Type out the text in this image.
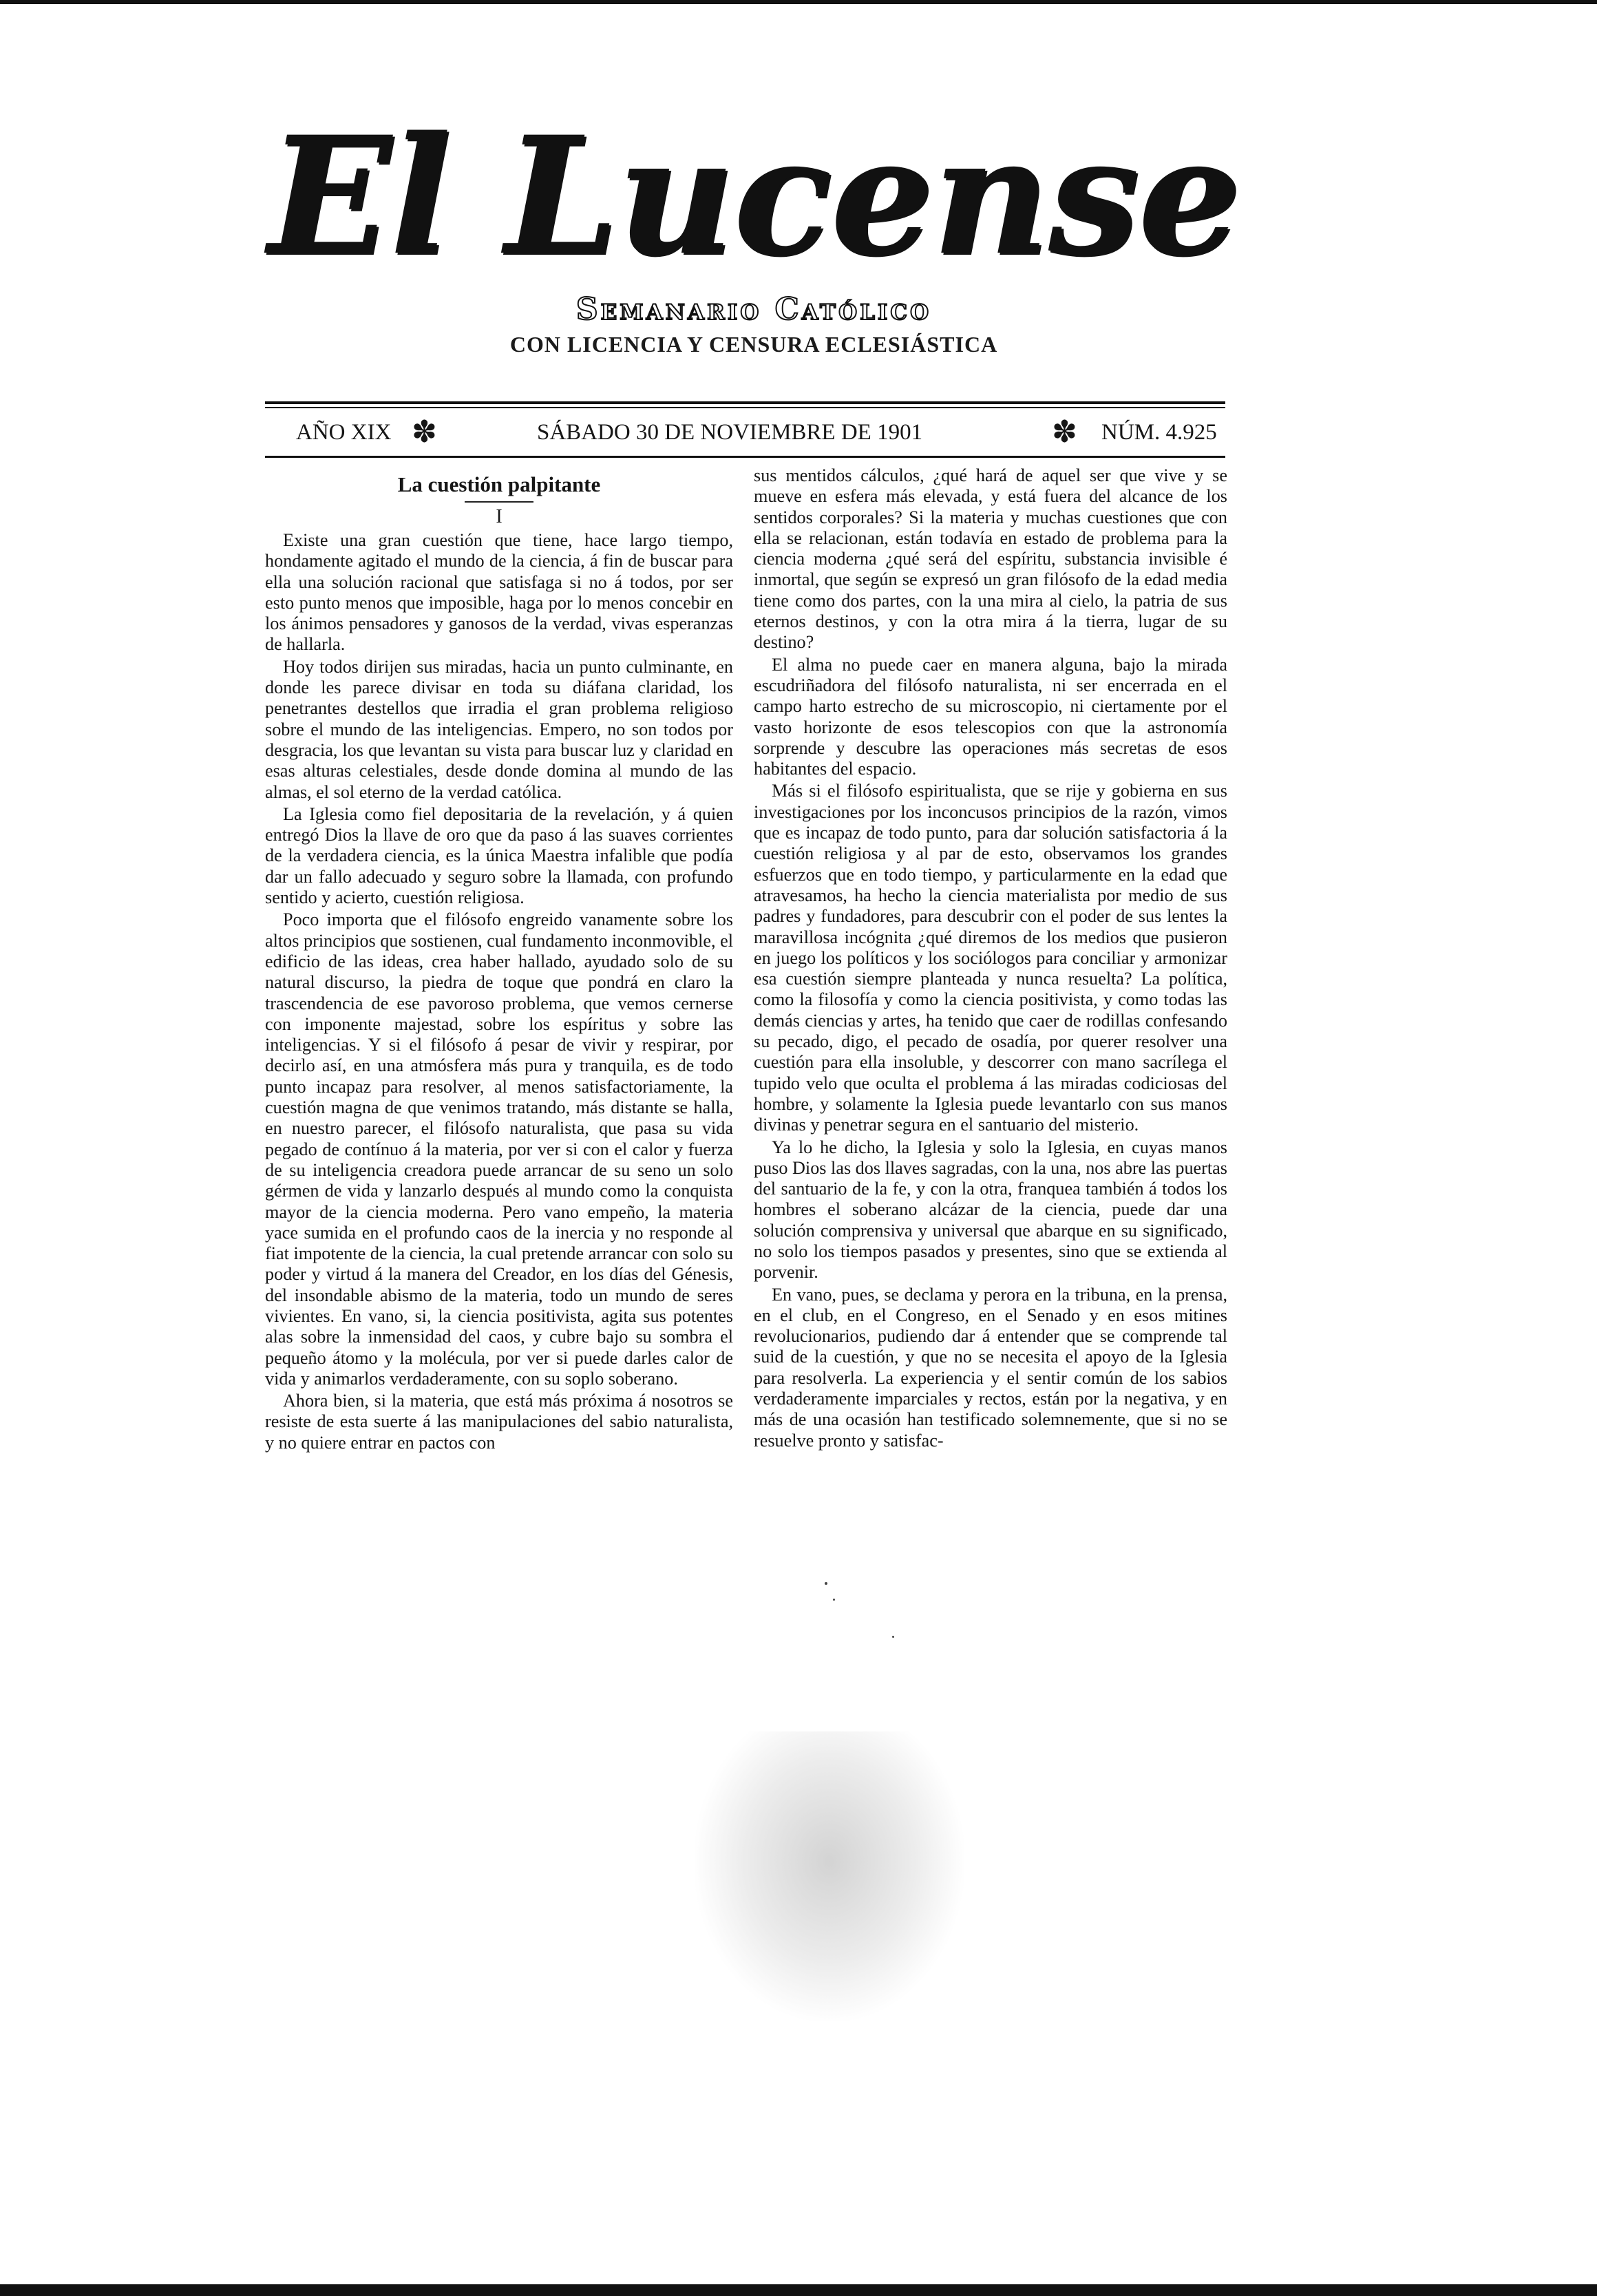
El Lucense
Semanario Católico
CON LICENCIA Y CENSURA ECLESIÁSTICA
AÑO XIX ✽	SÁBADO 30 DE NOVIEMBRE DE 1901	✽ NÚM. 4.925
La cuestión palpitante
I

Existe una gran cuestión que tiene, hace largo tiempo, hondamente agitado el mundo de la ciencia, á fin de buscar para ella una solución racional que satisfaga si no á todos, por ser esto punto menos que imposible, haga por lo menos concebir en los ánimos pensadores y ganosos de la verdad, vivas esperanzas de hallarla.

Hoy todos dirijen sus miradas, hacia un punto culminante, en donde les parece divisar en toda su diáfana claridad, los penetrantes destellos que irradia el gran problema religioso sobre el mundo de las inteligencias. Empero, no son todos por desgracia, los que levantan su vista para buscar luz y claridad en esas alturas celestiales, desde donde domina al mundo de las almas, el sol eterno de la verdad católica.

La Iglesia como fiel depositaria de la revelación, y á quien entregó Dios la llave de oro que da paso á las suaves corrientes de la verdadera ciencia, es la única Maestra infalible que podía dar un fallo adecuado y seguro sobre la llamada, con profundo sentido y acierto, cuestión religiosa.

Poco importa que el filósofo engreido vanamente sobre los altos principios que sostienen, cual fundamento inconmovible, el edificio de las ideas, crea haber hallado, ayudado solo de su natural discurso, la piedra de toque que pondrá en claro la trascendencia de ese pavoroso problema, que vemos cernerse con imponente majestad, sobre los espíritus y sobre las inteligencias. Y si el filósofo á pesar de vivir y respirar, por decirlo así, en una atmósfera más pura y tranquila, es de todo punto incapaz para resolver, al menos satisfactoriamente, la cuestión magna de que venimos tratando, más distante se halla, en nuestro parecer, el filósofo naturalista, que pasa su vida pegado de contínuo á la materia, por ver si con el calor y fuerza de su inteligencia creadora puede arrancar de su seno un solo gérmen de vida y lanzarlo después al mundo como la conquista mayor de la ciencia moderna. Pero vano empeño, la materia yace sumida en el profundo caos de la inercia y no responde al fiat impotente de la ciencia, la cual pretende arrancar con solo su poder y virtud á la manera del Creador, en los días del Génesis, del insondable abismo de la materia, todo un mundo de seres vivientes. En vano, si, la ciencia positivista, agita sus potentes alas sobre la inmensidad del caos, y cubre bajo su sombra el pequeño átomo y la molécula, por ver si puede darles calor de vida y animarlos verdaderamente, con su soplo soberano.

Ahora bien, si la materia, que está más próxima á nosotros se resiste de esta suerte á las manipulaciones del sabio naturalista, y no quiere entrar en pactos con

sus mentidos cálculos, ¿qué hará de aquel ser que vive y se mueve en esfera más elevada, y está fuera del alcance de los sentidos corporales? Si la materia y muchas cuestiones que con ella se relacionan, están todavía en estado de problema para la ciencia moderna ¿qué será del espíritu, substancia invisible é inmortal, que según se expresó un gran filósofo de la edad media tiene como dos partes, con la una mira al cielo, la patria de sus eternos destinos, y con la otra mira á la tierra, lugar de su destino?

El alma no puede caer en manera alguna, bajo la mirada escudriñadora del filósofo naturalista, ni ser encerrada en el campo harto estrecho de su microscopio, ni ciertamente por el vasto horizonte de esos telescopios con que la astronomía sorprende y descubre las operaciones más secretas de esos habitantes del espacio.

Más si el filósofo espiritualista, que se rije y gobierna en sus investigaciones por los inconcusos principios de la razón, vimos que es incapaz de todo punto, para dar solución satisfactoria á la cuestión religiosa y al par de esto, observamos los grandes esfuerzos que en todo tiempo, y particularmente en la edad que atravesamos, ha hecho la ciencia materialista por medio de sus padres y fundadores, para descubrir con el poder de sus lentes la maravillosa incógnita ¿qué diremos de los medios que pusieron en juego los políticos y los sociólogos para conciliar y armonizar esa cuestión siempre planteada y nunca resuelta? La política, como la filosofía y como la ciencia positivista, y como todas las demás ciencias y artes, ha tenido que caer de rodillas confesando su pecado, digo, el pecado de osadía, por querer resolver una cuestión para ella insoluble, y descorrer con mano sacrílega el tupido velo que oculta el problema á las miradas codiciosas del hombre, y solamente la Iglesia puede levantarlo con sus manos divinas y penetrar segura en el santuario del misterio.

Ya lo he dicho, la Iglesia y solo la Iglesia, en cuyas manos puso Dios las dos llaves sagradas, con la una, nos abre las puertas del santuario de la fe, y con la otra, franquea también á todos los hombres el soberano alcázar de la ciencia, puede dar una solución comprensiva y universal que abarque en su significado, no solo los tiempos pasados y presentes, sino que se extienda al porvenir.

En vano, pues, se declama y perora en la tribuna, en la prensa, en el club, en el Congreso, en el Senado y en esos mitines revolucionarios, pudiendo dar á entender que se comprende tal suid de la cuestión, y que no se necesita el apoyo de la Iglesia para resolverla. La experiencia y el sentir común de los sabios verdaderamente imparciales y rectos, están por la negativa, y en más de una ocasión han testificado solemnemente, que si no se resuelve pronto y satisfac-
